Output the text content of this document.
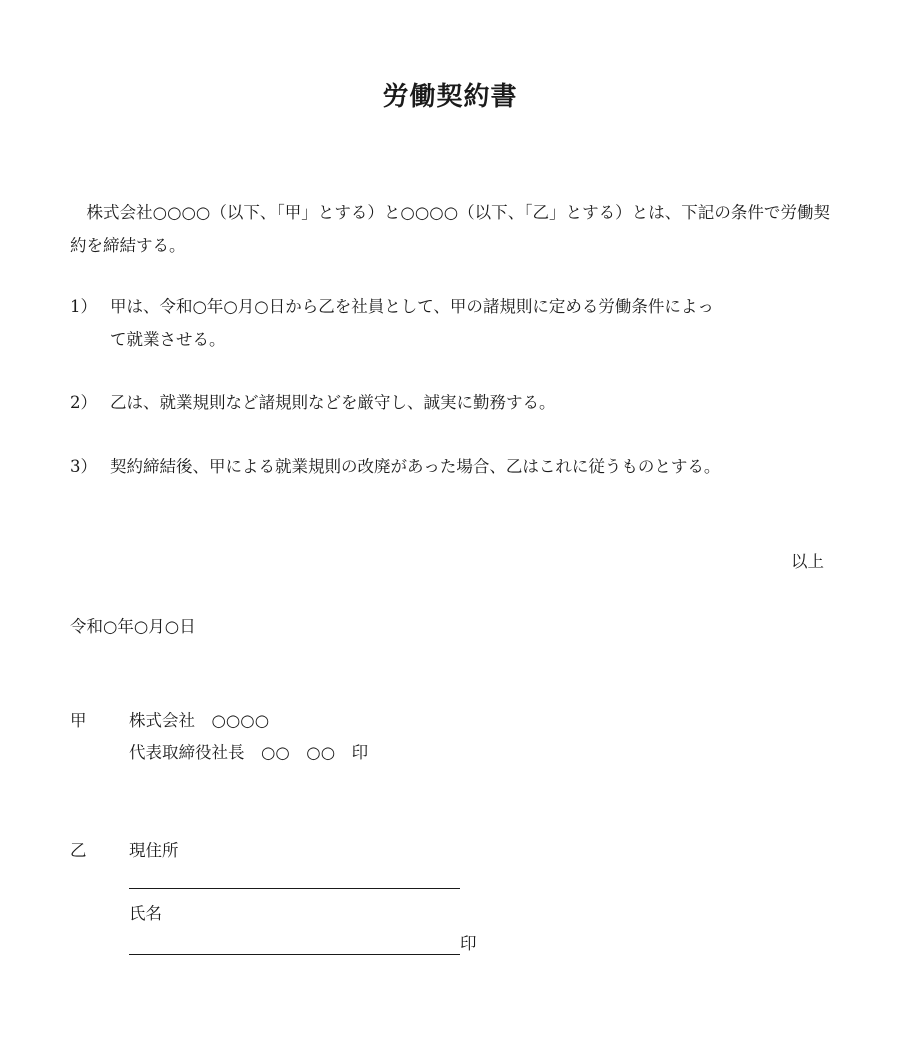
労働契約書
　株式会社○○○○（以下、「甲」とする）と○○○○（以下、「乙」とする）とは、下記の条件で労働契約を締結する。
1） 甲は、令和○年○月○日から乙を社員として、甲の諸規則に定める労働条件によっ
て就業させる。
2） 乙は、就業規則など諸規則などを厳守し、誠実に勤務する。
3） 契約締結後、甲による就業規則の改廃があった場合、乙はこれに従うものとする。
以上
令和○年○月○日
甲	株式会社　○○○○
代表取締役社長　○○　○○　印
乙	現住所
氏名
印
